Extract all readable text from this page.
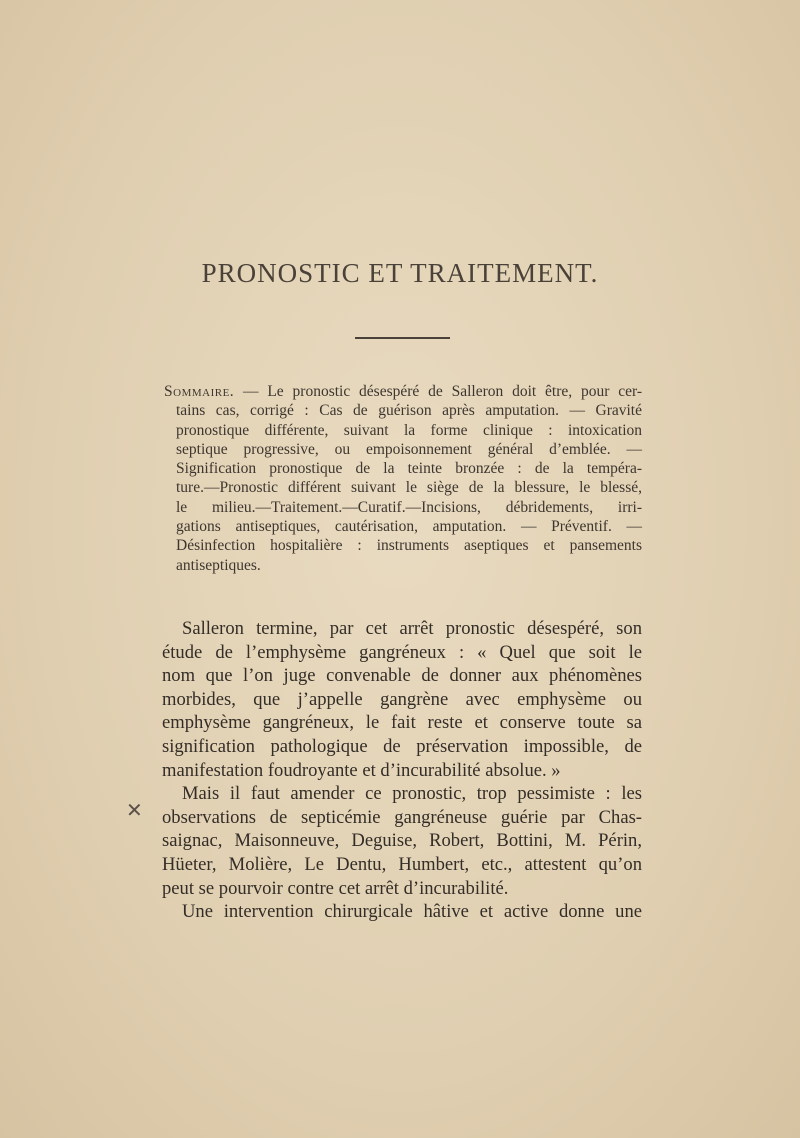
PRONOSTIC ET TRAITEMENT.
Sommaire. — Le pronostic désespéré de Salleron doit être, pour cer-
tains cas, corrigé : Cas de guérison après amputation. — Gravité
pronostique différente, suivant la forme clinique : intoxication
septique progressive, ou empoisonnement général d’emblée. —
Signification pronostique de la teinte bronzée : de la tempéra-
ture.—Pronostic différent suivant le siège de la blessure, le blessé,
le milieu.—Traitement.—Curatif.—Incisions, débridements, irri-
gations antiseptiques, cautérisation, amputation. — Préventif. —
Désinfection hospitalière : instruments aseptiques et pansements
antiseptiques.
Salleron termine, par cet arrêt pronostic désespéré, son
étude de l’emphysème gangréneux : « Quel que soit le
nom que l’on juge convenable de donner aux phénomènes
morbides, que j’appelle gangrène avec emphysème ou
emphysème gangréneux, le fait reste et conserve toute sa
signification pathologique de préservation impossible, de
manifestation foudroyante et d’incurabilité absolue. »
Mais il faut amender ce pronostic, trop pessimiste : les
observations de septicémie gangréneuse guérie par Chas-
saignac, Maisonneuve, Deguise, Robert, Bottini, M. Périn,
Hüeter, Molière, Le Dentu, Humbert, etc., attestent qu’on
peut se pourvoir contre cet arrêt d’incurabilité.
Une intervention chirurgicale hâtive et active donne une
✕
